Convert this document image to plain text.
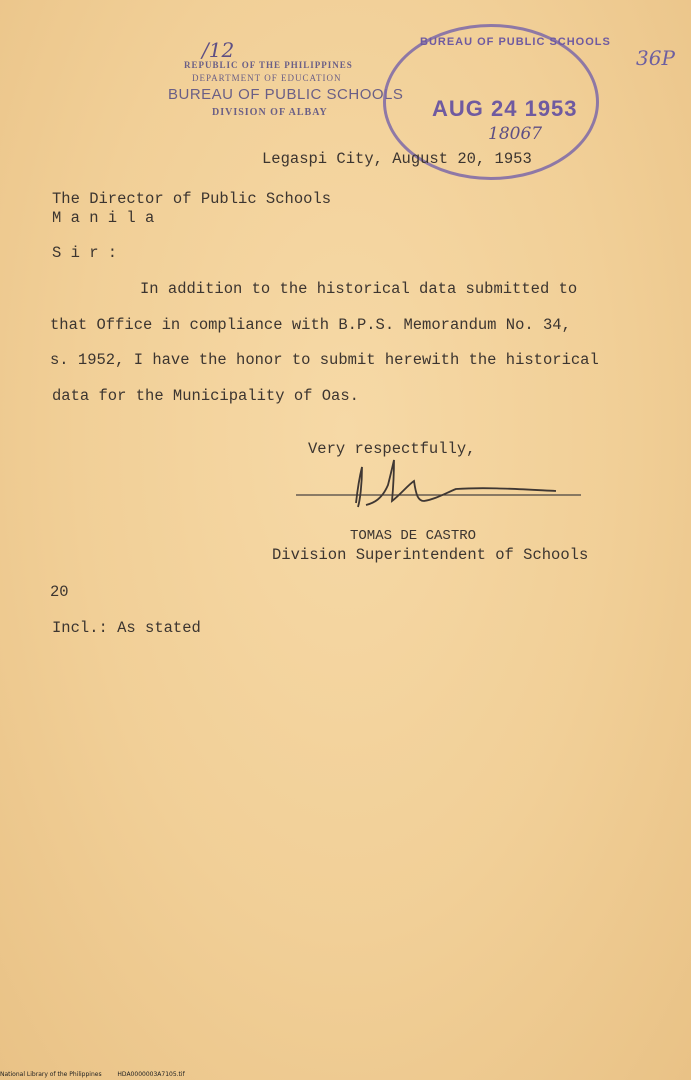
REPUBLIC OF THE PHILIPPINES
DEPARTMENT OF EDUCATION
BUREAU OF PUBLIC SCHOOLS
DIVISION OF ALBAY
∕12	36P
BUREAU OF PUBLIC SCHOOLS
AUG 24 1953
18067
Legaspi City, August 20, 1953
The Director of Public Schools
M a n i l a
S i r :
In addition to the historical data submitted to
that Office in compliance with B.P.S. Memorandum No. 34,
s. 1952, I have the honor to submit herewith the historical
data for the Municipality of Oas.
Very respectfully,
TOMAS DE CASTRO
Division Superintendent of Schools
20
Incl.: As stated
National Library of the Philippines	HDA0000003A7105.tif
